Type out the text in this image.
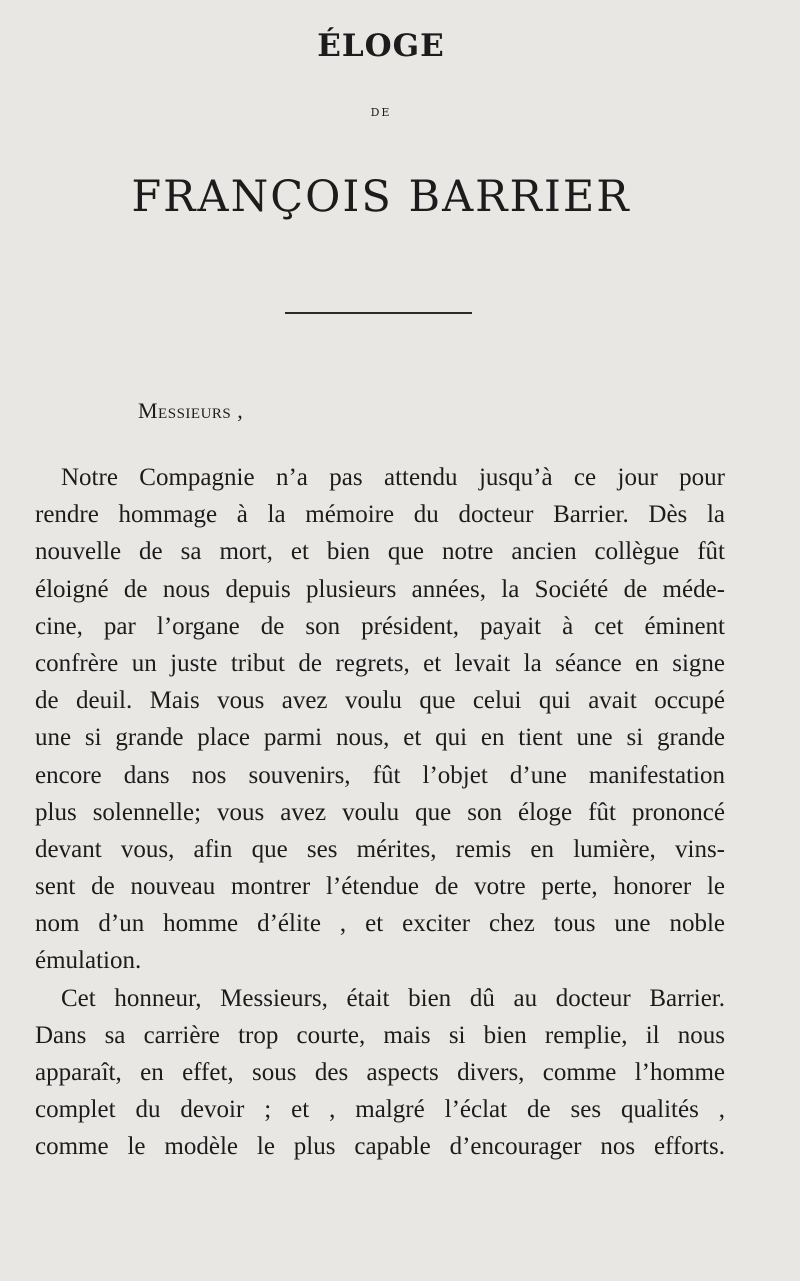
ÉLOGE
DE
FRANÇOIS BARRIER
Messieurs ,
Notre Compagnie n’a pas attendu jusqu’à ce jour pour
rendre hommage à la mémoire du docteur Barrier. Dès la
nouvelle de sa mort, et bien que notre ancien collègue fût
éloigné de nous depuis plusieurs années, la Société de méde-
cine, par l’organe de son président, payait à cet éminent
confrère un juste tribut de regrets, et levait la séance en signe
de deuil. Mais vous avez voulu que celui qui avait occupé
une si grande place parmi nous, et qui en tient une si grande
encore dans nos souvenirs, fût l’objet d’une manifestation
plus solennelle; vous avez voulu que son éloge fût prononcé
devant vous, afin que ses mérites, remis en lumière, vins-
sent de nouveau montrer l’étendue de votre perte, honorer le
nom d’un homme d’élite , et exciter chez tous une noble
émulation.
Cet honneur, Messieurs, était bien dû au docteur Barrier.
Dans sa carrière trop courte, mais si bien remplie, il nous
apparaît, en effet, sous des aspects divers, comme l’homme
complet du devoir ; et , malgré l’éclat de ses qualités ,
comme le modèle le plus capable d’encourager nos efforts.
